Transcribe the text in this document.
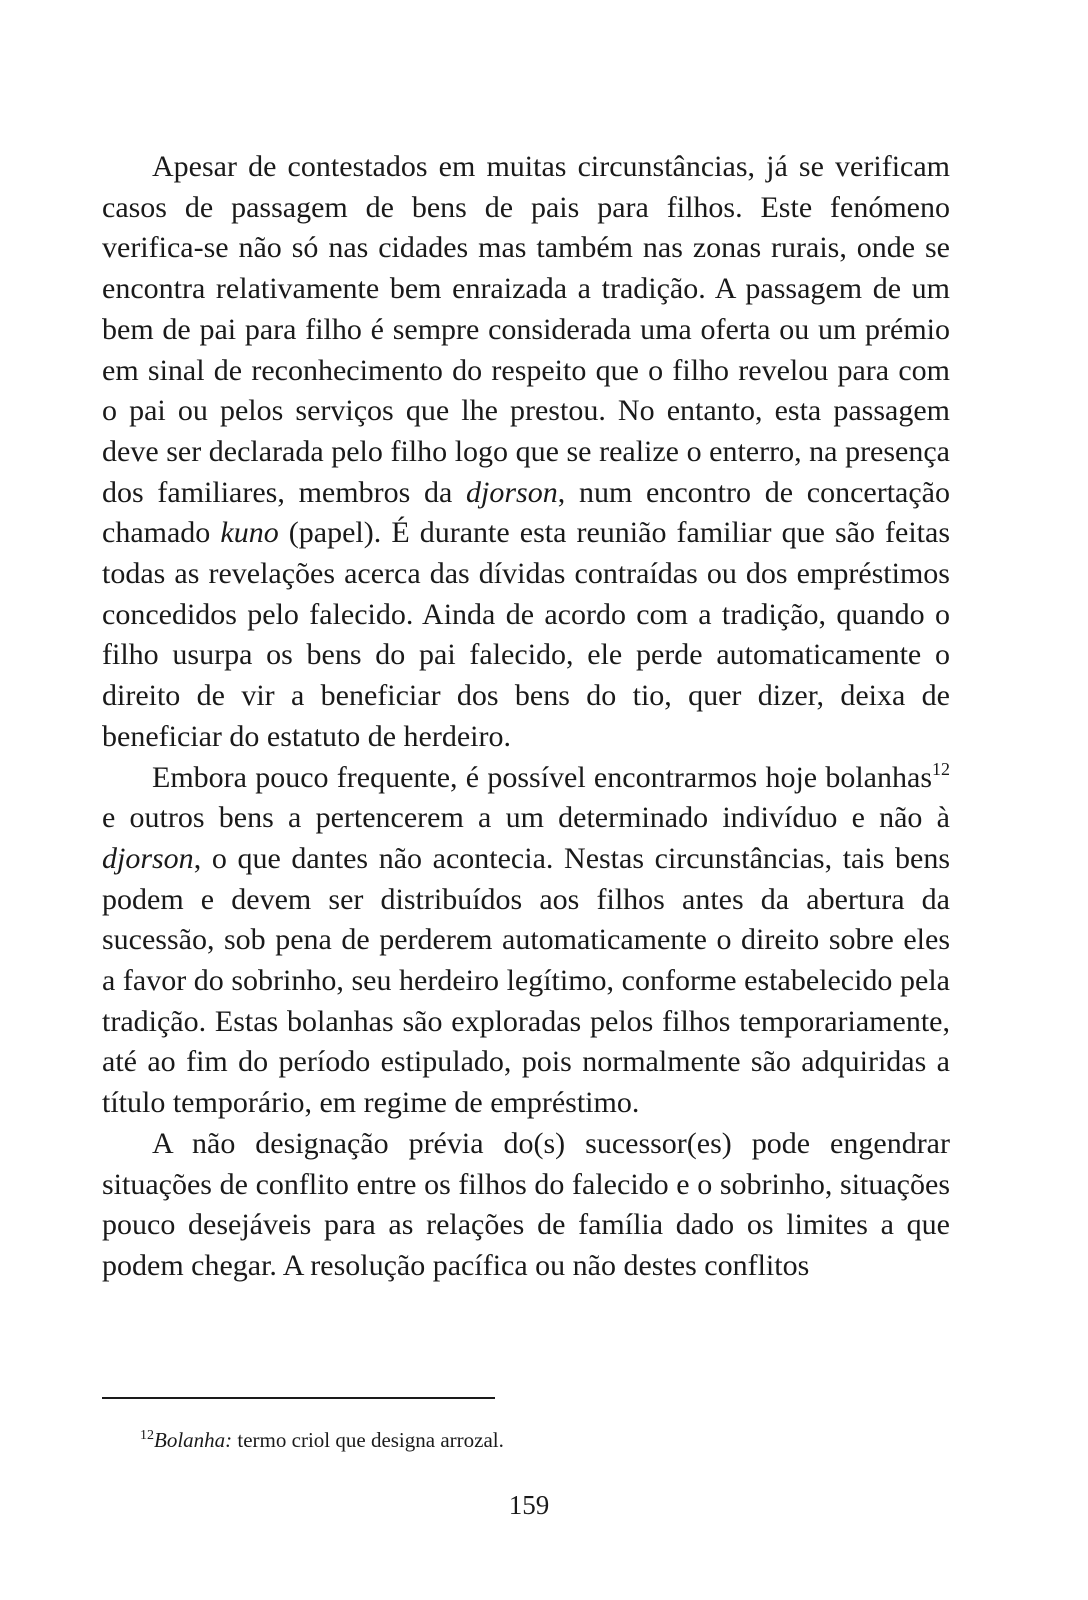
Apesar de contestados em muitas circunstâncias, já se verificam casos de passagem de bens de pais para filhos. Este fenómeno verifica-se não só nas cidades mas também nas zonas rurais, onde se encontra relativamente bem enraizada a tradição. A passagem de um bem de pai para filho é sempre considerada uma oferta ou um prémio em sinal de reconhecimento do respeito que o filho revelou para com o pai ou pelos serviços que lhe prestou. No entanto, esta passagem deve ser declarada pelo filho logo que se realize o enterro, na presença dos familiares, membros da djorson, num encontro de concertação chamado kuno (papel). É durante esta reunião familiar que são feitas todas as revelações acerca das dívidas contraídas ou dos empréstimos concedidos pelo falecido. Ainda de acordo com a tradição, quando o filho usurpa os bens do pai falecido, ele perde automaticamente o direito de vir a beneficiar dos bens do tio, quer dizer, deixa de beneficiar do estatuto de herdeiro.

Embora pouco frequente, é possível encontrarmos hoje bolanhas$^{12}$ e outros bens a pertencerem a um determinado indivíduo e não à djorson, o que dantes não acontecia. Nestas circunstâncias, tais bens podem e devem ser distribuídos aos filhos antes da abertura da sucessão, sob pena de perderem automaticamente o direito sobre eles a favor do sobrinho, seu herdeiro legítimo, conforme estabelecido pela tradição. Estas bolanhas são exploradas pelos filhos temporariamente, até ao fim do período estipulado, pois normalmente são adquiridas a título temporário, em regime de empréstimo.

A não designação prévia do(s) sucessor(es) pode engendrar situações de conflito entre os filhos do falecido e o sobrinho, situações pouco desejáveis para as relações de família dado os limites a que podem chegar. A resolução pacífica ou não destes conflitos

$^{12}$Bolanha: termo criol que designa arrozal.
159
